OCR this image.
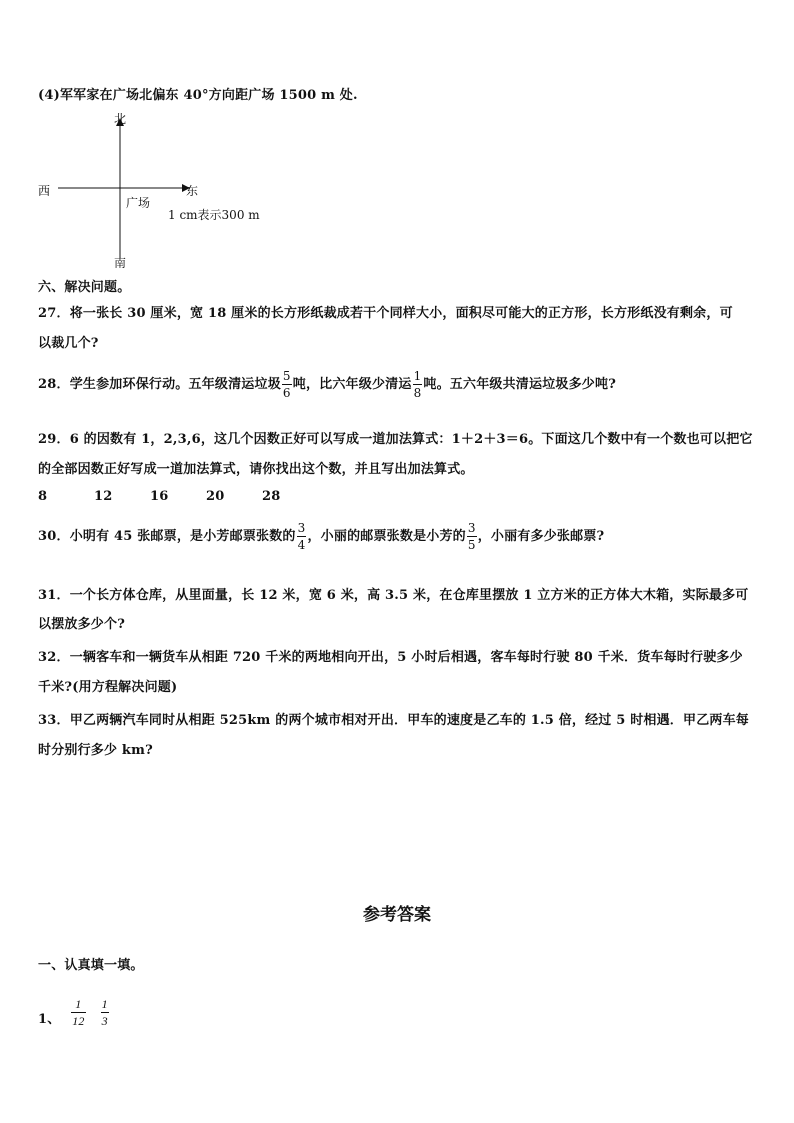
(4)军军家在广场北偏东 40°方向距广场 1500 m 处.
北
南
西	东
广场
1 cm表示300 m
六、解决问题。
27．将一张长 30 厘米，宽 18 厘米的长方形纸裁成若干个同样大小，面积尽可能大的正方形，长方形纸没有剩余，可
以裁几个?
28．学生参加环保行动。五年级清运垃圾 $\frac{5}{6}$ 吨，比六年级少清运 $\frac{1}{8}$ 吨。五六年级共清运垃圾多少吨?
29．6 的因数有 1，2,3,6，这几个因数正好可以写成一道加法算式：1＋2＋3＝6。下面这几个数中有一个数也可以把它
的全部因数正好写成一道加法算式，请你找出这个数，并且写出加法算式。
8	12	16	20	28
30．小明有 45 张邮票，是小芳邮票张数的 $\frac{3}{4}$ ，小丽的邮票张数是小芳的 $\frac{3}{5}$ ，小丽有多少张邮票?
31．一个长方体仓库，从里面量，长 12 米，宽 6 米，高 3.5 米，在仓库里摆放 1 立方米的正方体大木箱，实际最多可
以摆放多少个?
32．一辆客车和一辆货车从相距 720 千米的两地相向开出，5 小时后相遇，客车每时行驶 80 千米．货车每时行驶多少
千米?(用方程解决问题)
33．甲乙两辆汽车同时从相距 525km 的两个城市相对开出．甲车的速度是乙车的 1.5 倍，经过 5 时相遇．甲乙两车每
时分别行多少 km?
参考答案
一、认真填一填。
1、 $\frac{1}{12} \frac{1}{3}$
